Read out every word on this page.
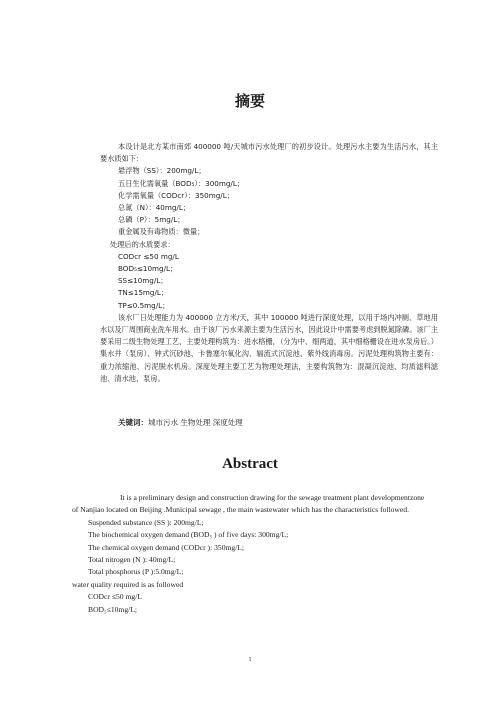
摘要

本设计是北方某市南郊 400000 吨/天城市污水处理厂的初步设计。处理污水主要为生活污水，其主要水质如下：

悬浮物（SS）：200mg/L；

五日生化需氧量（BOD₅）：300mg/L；

化学需氧量（CODcr）：350mg/L；

总氮（N）：40mg/L；

总磷（P）：5mg/L；

重金属及有毒物质：微量；

处理后的水质要求：

CODcr ≤50 mg/L

BOD₅≤10mg/L；

SS≤10mg/L；

TN≤15mg/L；

TP≤0.5mg/L；

该水厂日处理能力为 400000 立方米/天，其中 100000 吨进行深度处理，以用于场内冲厕、草地用水以及厂周围商业洗车用水。由于该厂污水来源主要为生活污水，因此设计中需要考虑到脱氮除磷。该厂主要采用二级生物处理工艺，主要处理构筑为：进水格栅，（分为中、细两道，其中细格栅设在进水泵房后。）集水井（泵房）、钟式沉砂池、卡鲁塞尔氧化沟、辐流式沉淀池、紫外线消毒房。污泥处理构筑物主要有：重力浓缩池、污泥脱水机房。深度处理主要工艺为物理处理法，主要构筑物为：混凝沉淀池、均质滤料滤池、清水池、泵房。

关键词：城市污水 生物处理 深度处理
Abstract

It is a preliminary design and construction drawing for the sewage treatment plant developmentzone of Nanjiao located on Beijing .Municipal sewage , the main wastewater which has the characteristics followed.

Suspended substance (SS ): 200mg/L;

The biochemical oxygen demand (BOD₅ ) of five days: 300mg/L;

The chemical oxygen demand (CODcr ): 350mg/L;

Total nitrogen (N ): 40mg/L;

Total phosphorus (P ):5.0mg/L;

water quality required is as followed

CODcr ≤50 mg/L

BOD₅≤10mg/L;

1
